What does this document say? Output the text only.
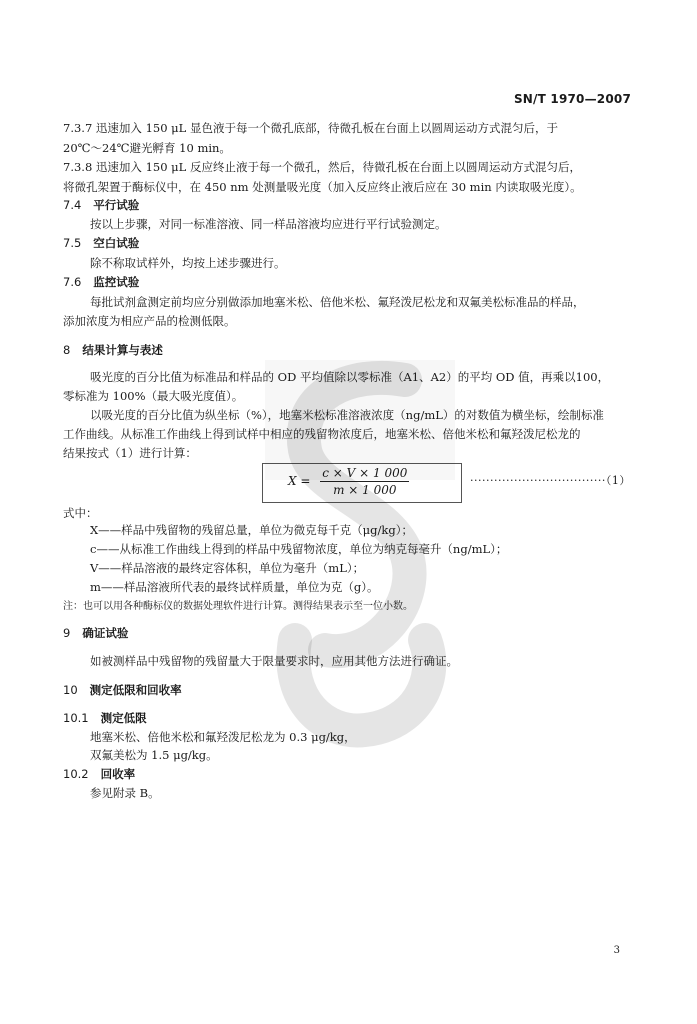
SN/T 1970—2007
7.3.7 迅速加入 150 μL 显色液于每一个微孔底部，待微孔板在台面上以圆周运动方式混匀后，于
20℃～24℃避光孵育 10 min。
7.3.8 迅速加入 150 μL 反应终止液于每一个微孔，然后，待微孔板在台面上以圆周运动方式混匀后，
将微孔架置于酶标仪中，在 450 nm 处测量吸光度（加入反应终止液后应在 30 min 内读取吸光度）。
7.4 平行试验
按以上步骤，对同一标准溶液、同一样品溶液均应进行平行试验测定。
7.5 空白试验
除不称取试样外，均按上述步骤进行。
7.6 监控试验
每批试剂盒测定前均应分别做添加地塞米松、倍他米松、氟羟泼尼松龙和双氟美松标准品的样品，
添加浓度为相应产品的检测低限。
8 结果计算与表述
吸光度的百分比值为标准品和样品的 OD 平均值除以零标准（A1、A2）的平均 OD 值，再乘以100，
零标准为 100%（最大吸光度值）。
以吸光度的百分比值为纵坐标（%），地塞米松标准溶液浓度（ng/mL）的对数值为横坐标，绘制标准
工作曲线。从标准工作曲线上得到试样中相应的残留物浓度后，地塞米松、倍他米松和氟羟泼尼松龙的
结果按式（1）进行计算：
$X = \frac{c \times V \times 1 000}{m \times 1 000}$	··································（1）
式中：
X——样品中残留物的残留总量，单位为微克每千克（μg/kg）；
c——从标准工作曲线上得到的样品中残留物浓度，单位为纳克每毫升（ng/mL）；
V——样品溶液的最终定容体积，单位为毫升（mL）；
m——样品溶液所代表的最终试样质量，单位为克（g）。
注：也可以用各种酶标仪的数据处理软件进行计算。测得结果表示至一位小数。
9 确证试验
如被测样品中残留物的残留量大于限量要求时，应用其他方法进行确证。
10 测定低限和回收率
10.1 测定低限
地塞米松、倍他米松和氟羟泼尼松龙为 0.3 μg/kg，
双氟美松为 1.5 μg/kg。
10.2 回收率
参见附录 B。
3
